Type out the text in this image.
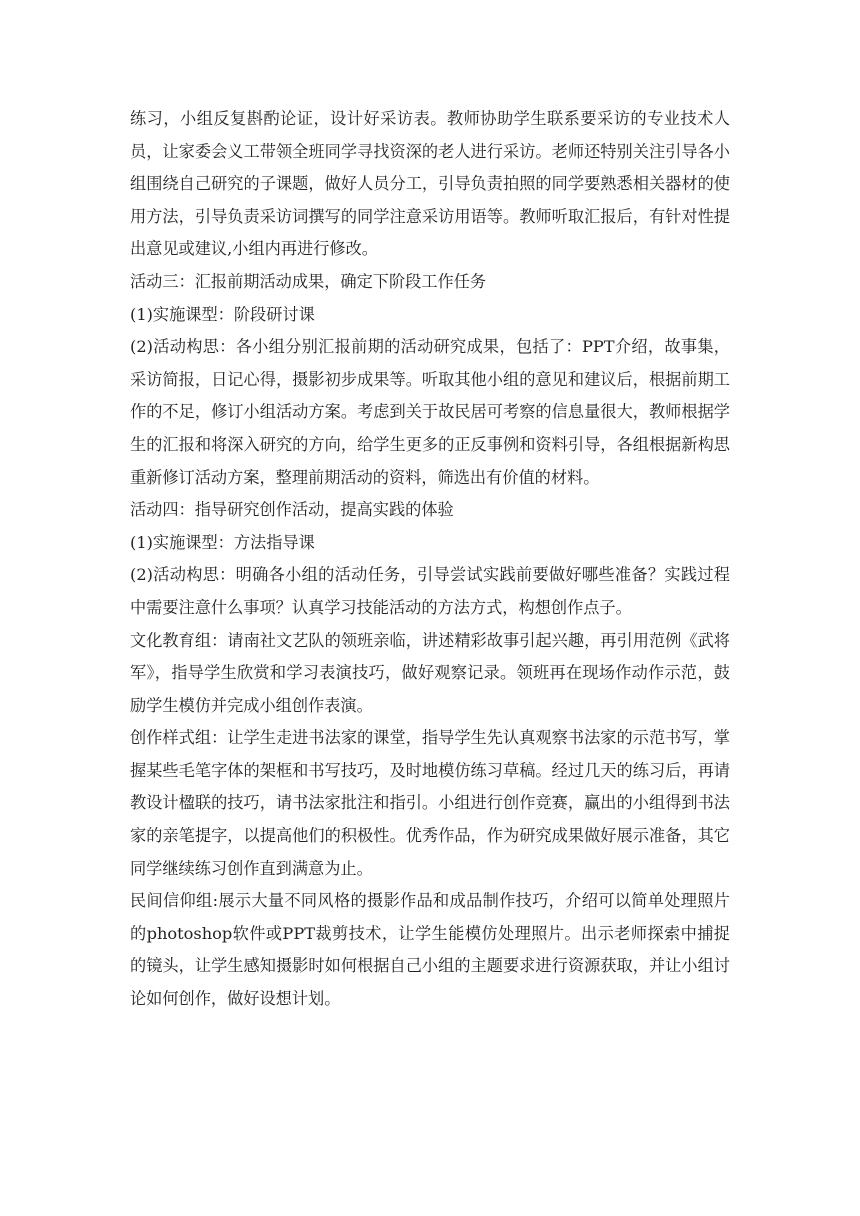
练习，小组反复斟酌论证，设计好采访表。教师协助学生联系要采访的专业技术人员，让家委会义工带领全班同学寻找资深的老人进行采访。老师还特别关注引导各小组围绕自己研究的子课题，做好人员分工，引导负责拍照的同学要熟悉相关器材的使用方法，引导负责采访词撰写的同学注意采访用语等。教师听取汇报后，有针对性提出意见或建议,小组内再进行修改。

活动三：汇报前期活动成果，确定下阶段工作任务

(1)实施课型：阶段研讨课

(2)活动构思：各小组分别汇报前期的活动研究成果，包括了：PPT介绍，故事集，采访简报，日记心得，摄影初步成果等。听取其他小组的意见和建议后，根据前期工作的不足，修订小组活动方案。考虑到关于故民居可考察的信息量很大，教师根据学生的汇报和将深入研究的方向，给学生更多的正反事例和资料引导，各组根据新构思重新修订活动方案，整理前期活动的资料，筛选出有价值的材料。

活动四：指导研究创作活动，提高实践的体验

(1)实施课型：方法指导课

(2)活动构思：明确各小组的活动任务，引导尝试实践前要做好哪些准备？实践过程中需要注意什么事项？认真学习技能活动的方法方式，构想创作点子。

文化教育组：请南社文艺队的领班亲临，讲述精彩故事引起兴趣，再引用范例《武将军》，指导学生欣赏和学习表演技巧，做好观察记录。领班再在现场作动作示范，鼓励学生模仿并完成小组创作表演。

创作样式组：让学生走进书法家的课堂，指导学生先认真观察书法家的示范书写，掌握某些毛笔字体的架框和书写技巧，及时地模仿练习草稿。经过几天的练习后，再请教设计楹联的技巧，请书法家批注和指引。小组进行创作竞赛，赢出的小组得到书法家的亲笔提字，以提高他们的积极性。优秀作品，作为研究成果做好展示准备，其它同学继续练习创作直到满意为止。

民间信仰组:展示大量不同风格的摄影作品和成品制作技巧，介绍可以简单处理照片的photoshop软件或PPT裁剪技术，让学生能模仿处理照片。出示老师探索中捕捉的镜头，让学生感知摄影时如何根据自己小组的主题要求进行资源获取，并让小组讨论如何创作，做好设想计划。
